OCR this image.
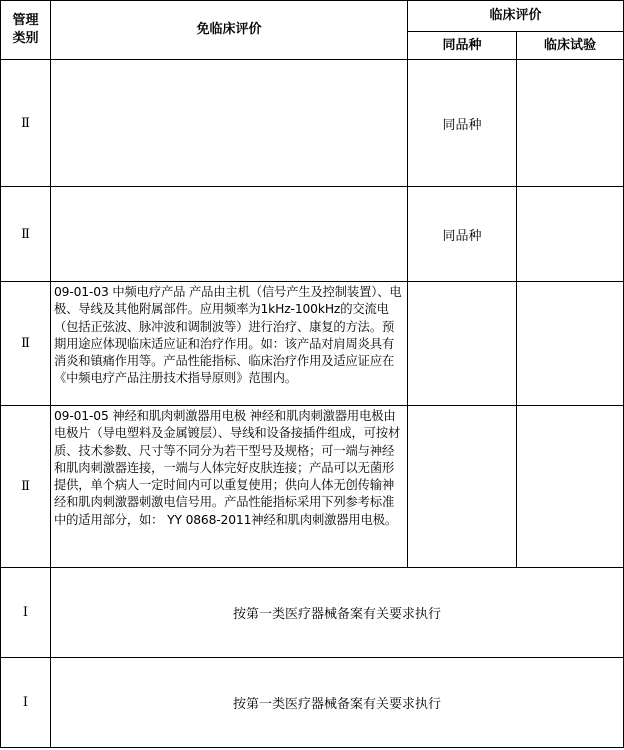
管理
类别	免临床评价	临床评价	
		同品种	临床试验
Ⅱ		同品种	
Ⅱ		同品种	
Ⅱ	09-01-03 中频电疗产品 产品由主机（信号产生及控制装置）、电极、导线及其他附属部件。应用频率为1kHz-100kHz的交流电（包括正弦波、脉冲波和调制波等）进行治疗、康复的方法。预期用途应体现临床适应证和治疗作用。如：该产品对肩周炎具有消炎和镇痛作用等。产品性能指标、临床治疗作用及适应证应在《中频电疗产品注册技术指导原则》范围内。		
Ⅱ	09-01-05 神经和肌肉刺激器用电极 神经和肌肉刺激器用电极由电极片（导电塑料及金属镀层）、导线和设备接插件组成，可按材质、技术参数、尺寸等不同分为若干型号及规格；可一端与神经和肌肉刺激器连接，一端与人体完好皮肤连接；产品可以无菌形提供，单个病人一定时间内可以重复使用；供向人体无创传输神经和肌肉刺激器刺激电信号用。产品性能指标采用下列参考标准中的适用部分，如： YY 0868-2011神经和肌肉刺激器用电极。		
Ⅰ	按第一类医疗器械备案有关要求执行		
Ⅰ	按第一类医疗器械备案有关要求执行		
